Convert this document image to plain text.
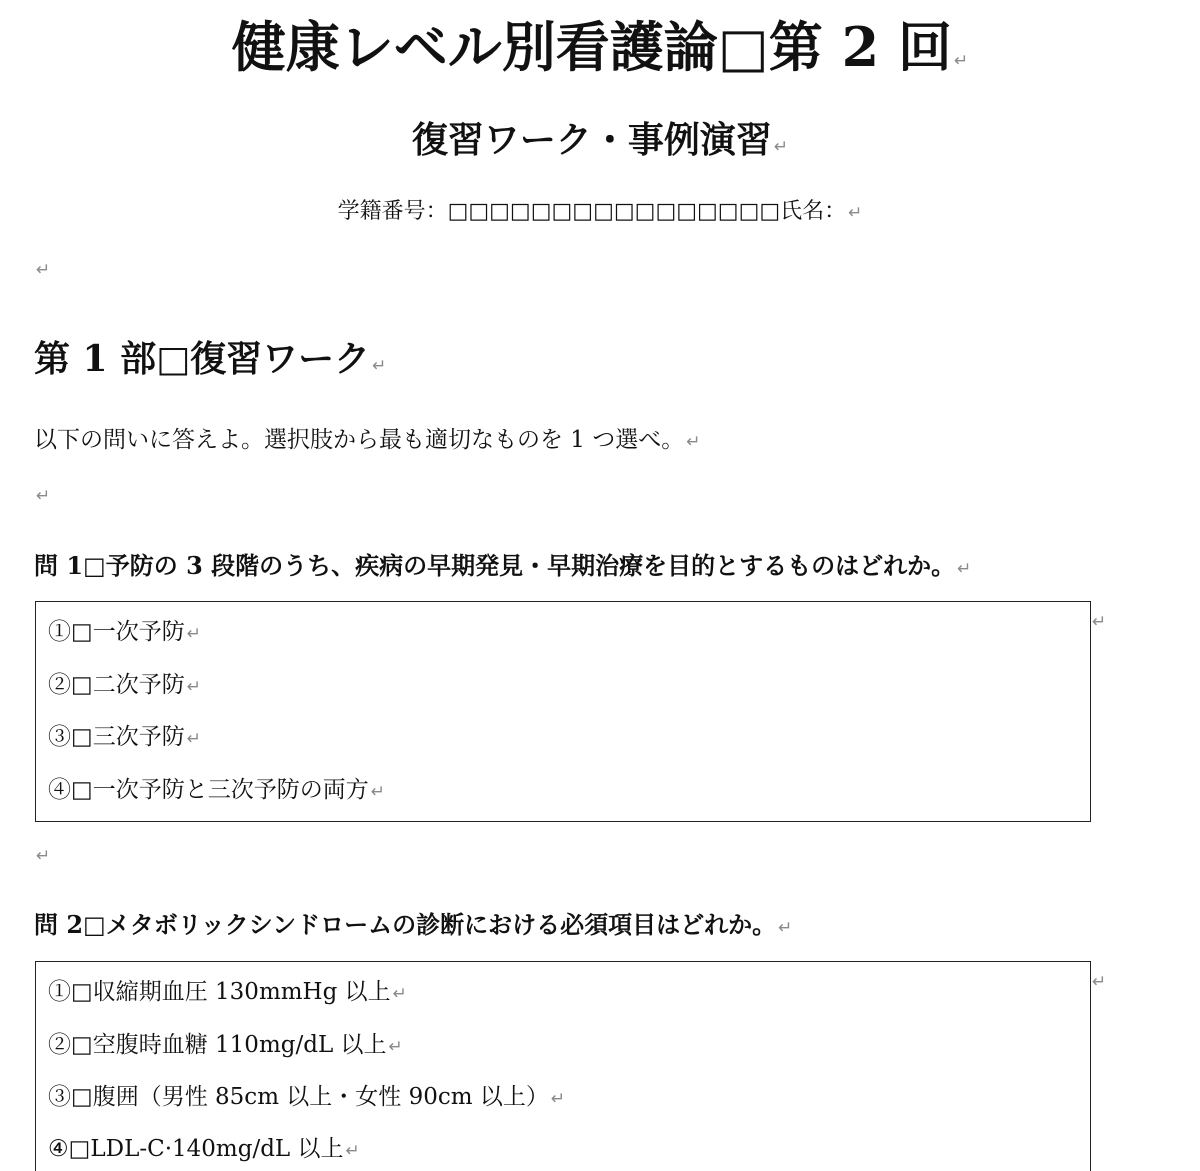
健康レベル別看護論□第 2 回 ↵
復習ワーク・事例演習 ↵
学籍番号：□□□□□□□□□□□□□□□□氏名： ↵
↵
第 1 部□復習ワーク ↵
以下の問いに答えよ。選択肢から最も適切なものを 1 つ選べ。 ↵
↵
問 1□予防の 3 段階のうち、疾病の早期発見・早期治療を目的とするものはどれか。 ↵
①□一次予防 ↵
②□二次予防 ↵
③□三次予防 ↵
④□一次予防と三次予防の両方 ↵
↵
↵
問 2□メタボリックシンドロームの診断における必須項目はどれか。 ↵
①□収縮期血圧 130mmHg 以上 ↵
②□空腹時血糖 110mg/dL 以上 ↵
③□腹囲（男性 85cm 以上・女性 90cm 以上） ↵
④□LDL-C·140mg/dL 以上 ↵
↵
